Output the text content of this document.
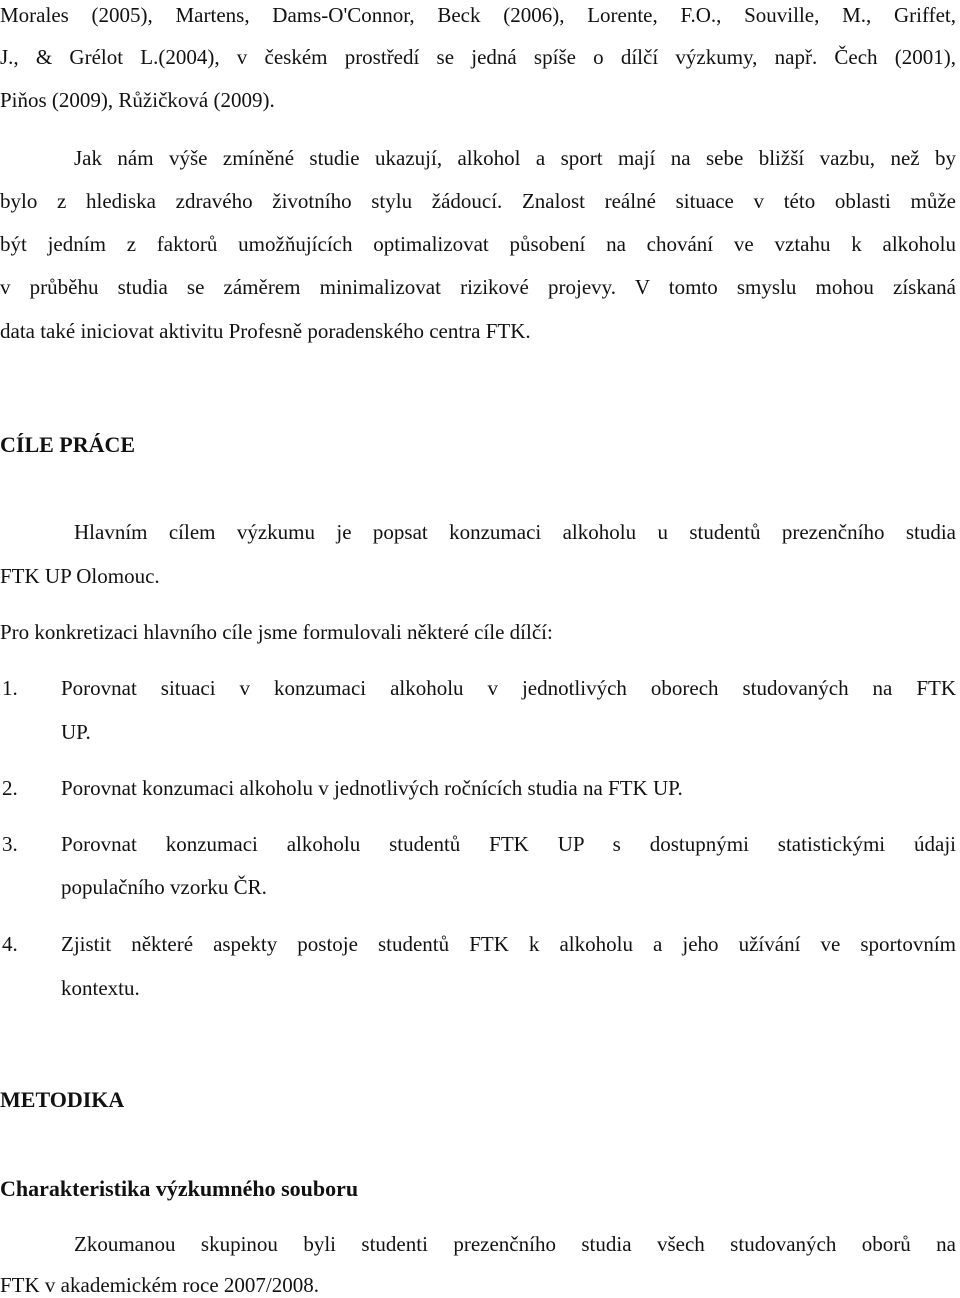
Morales (2005), Martens, Dams-O'Connor, Beck (2006), Lorente, F.O., Souville, M., Griffet,
J., & Grélot L.(2004), v českém prostředí se jedná spíše o dílčí výzkumy, např. Čech (2001),
Piňos (2009), Růžičková (2009).
Jak nám výše zmíněné studie ukazují, alkohol a sport mají na sebe bližší vazbu, než by
bylo z hlediska zdravého životního stylu žádoucí. Znalost reálné situace v této oblasti může
být jedním z faktorů umožňujících optimalizovat působení na chování ve vztahu k alkoholu
v průběhu studia se záměrem minimalizovat rizikové projevy. V tomto smyslu mohou získaná
data také iniciovat aktivitu Profesně poradenského centra FTK.
CÍLE PRÁCE
Hlavním cílem výzkumu je popsat konzumaci alkoholu u studentů prezenčního studia
FTK UP Olomouc.
Pro konkretizaci hlavního cíle jsme formulovali některé cíle dílčí:
1. Porovnat situaci v konzumaci alkoholu v jednotlivých oborech studovaných na FTK
UP.
2. Porovnat konzumaci alkoholu v jednotlivých ročnících studia na FTK UP.
3. Porovnat konzumaci alkoholu studentů FTK UP s dostupnými statistickými údaji
populačního vzorku ČR.
4. Zjistit některé aspekty postoje studentů FTK k alkoholu a jeho užívání ve sportovním
kontextu.
METODIKA
Charakteristika výzkumného souboru
Zkoumanou skupinou byli studenti prezenčního studia všech studovaných oborů na
FTK v akademickém roce 2007/2008.
